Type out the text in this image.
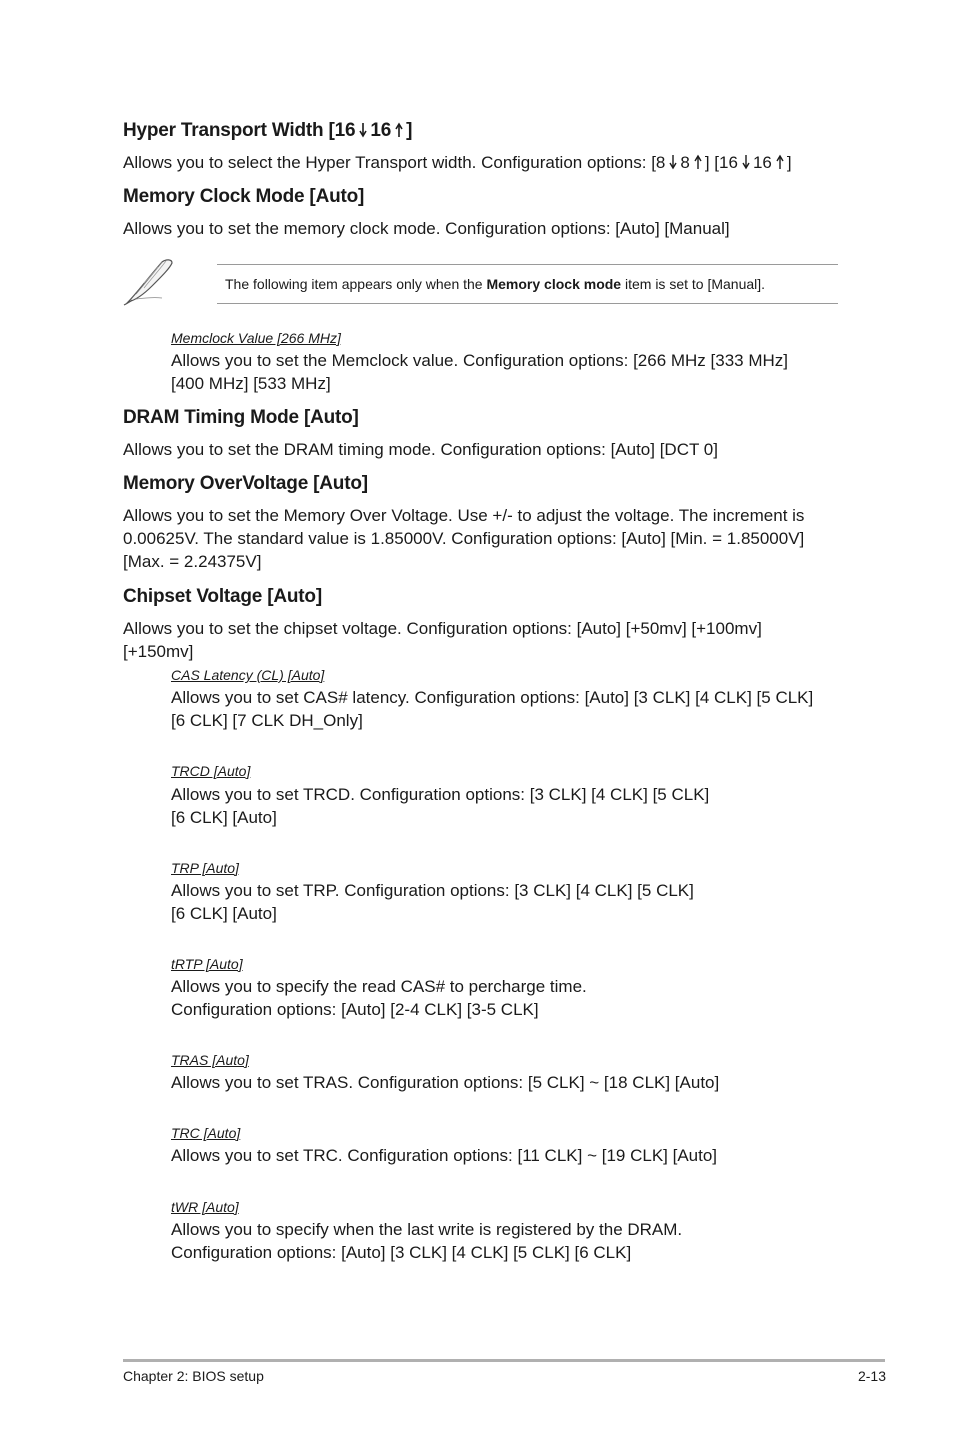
Hyper Transport Width [16 16 ]
Allows you to select the Hyper Transport width. Configuration options: [8 8 ] [16 16 ]
Memory Clock Mode [Auto]
Allows you to set the memory clock mode. Configuration options: [Auto] [Manual]
The following item appears only when the Memory clock mode item is set to [Manual].
Memclock Value [266 MHz]
Allows you to set the Memclock value. Configuration options: [266 MHz [333 MHz]
[400 MHz] [533 MHz]
DRAM Timing Mode [Auto]
Allows you to set the DRAM timing mode. Configuration options: [Auto] [DCT 0]
Memory OverVoltage [Auto]
Allows you to set the Memory Over Voltage. Use +/- to adjust the voltage. The increment is
0.00625V. The standard value is 1.85000V. Configuration options: [Auto] [Min. = 1.85000V]
[Max. = 2.24375V]
Chipset Voltage [Auto]
Allows you to set the chipset voltage. Configuration options: [Auto] [+50mv] [+100mv]
[+150mv]
CAS Latency (CL) [Auto]
Allows you to set CAS# latency. Configuration options: [Auto] [3 CLK] [4 CLK] [5 CLK]
[6 CLK] [7 CLK DH_Only]
TRCD [Auto]
Allows you to set TRCD. Configuration options: [3 CLK] [4 CLK] [5 CLK]
[6 CLK] [Auto]
TRP [Auto]
Allows you to set TRP. Configuration options: [3 CLK] [4 CLK] [5 CLK]
[6 CLK] [Auto]
tRTP [Auto]
Allows you to specify the read CAS# to percharge time.
Configuration options: [Auto] [2-4 CLK] [3-5 CLK]
TRAS [Auto]
Allows you to set TRAS. Configuration options: [5 CLK] ~ [18 CLK] [Auto]
TRC [Auto]
Allows you to set TRC. Configuration options: [11 CLK] ~ [19 CLK] [Auto]
tWR [Auto]
Allows you to specify when the last write is registered by the DRAM.
Configuration options: [Auto] [3 CLK] [4 CLK] [5 CLK] [6 CLK]
Chapter 2: BIOS setup	2-13
